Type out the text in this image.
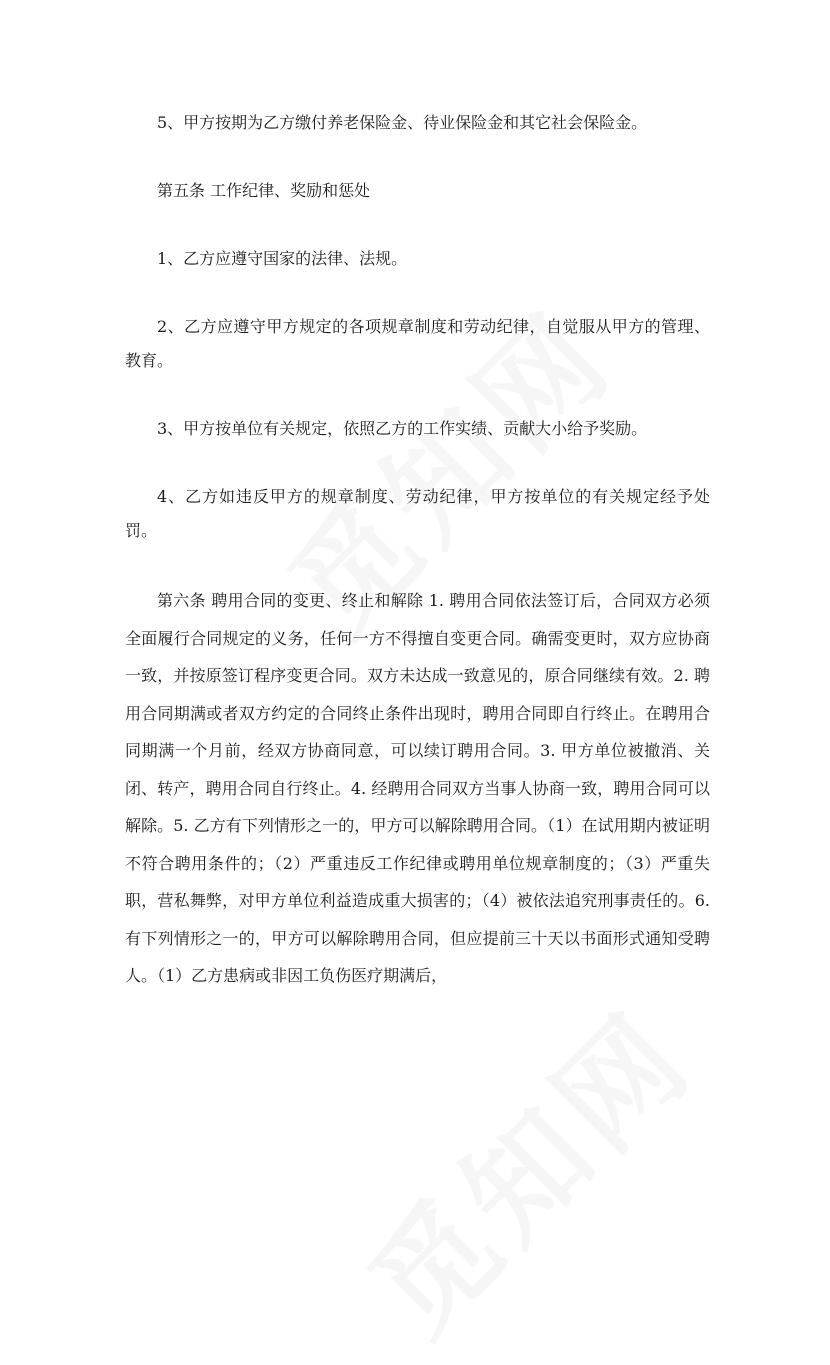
5、甲方按期为乙方缴付养老保险金、待业保险金和其它社会保险金。

第五条 工作纪律、奖励和惩处

1、乙方应遵守国家的法律、法规。

2、乙方应遵守甲方规定的各项规章制度和劳动纪律，自觉服从甲方的管理、教育。

3、甲方按单位有关规定，依照乙方的工作实绩、贡献大小给予奖励。

4、乙方如违反甲方的规章制度、劳动纪律，甲方按单位的有关规定经予处罚。

第六条 聘用合同的变更、终止和解除 1. 聘用合同依法签订后，合同双方必须全面履行合同规定的义务，任何一方不得擅自变更合同。确需变更时，双方应协商一致，并按原签订程序变更合同。双方未达成一致意见的，原合同继续有效。2. 聘用合同期满或者双方约定的合同终止条件出现时，聘用合同即自行终止。在聘用合同期满一个月前，经双方协商同意，可以续订聘用合同。3. 甲方单位被撤消、关闭、转产，聘用合同自行终止。4. 经聘用合同双方当事人协商一致，聘用合同可以解除。5. 乙方有下列情形之一的，甲方可以解除聘用合同。（1）在试用期内被证明不符合聘用条件的；（2）严重违反工作纪律或聘用单位规章制度的；（3）严重失职，营私舞弊，对甲方单位利益造成重大损害的；（4）被依法追究刑事责任的。6. 有下列情形之一的，甲方可以解除聘用合同，但应提前三十天以书面形式通知受聘人。（1）乙方患病或非因工负伤医疗期满后，
